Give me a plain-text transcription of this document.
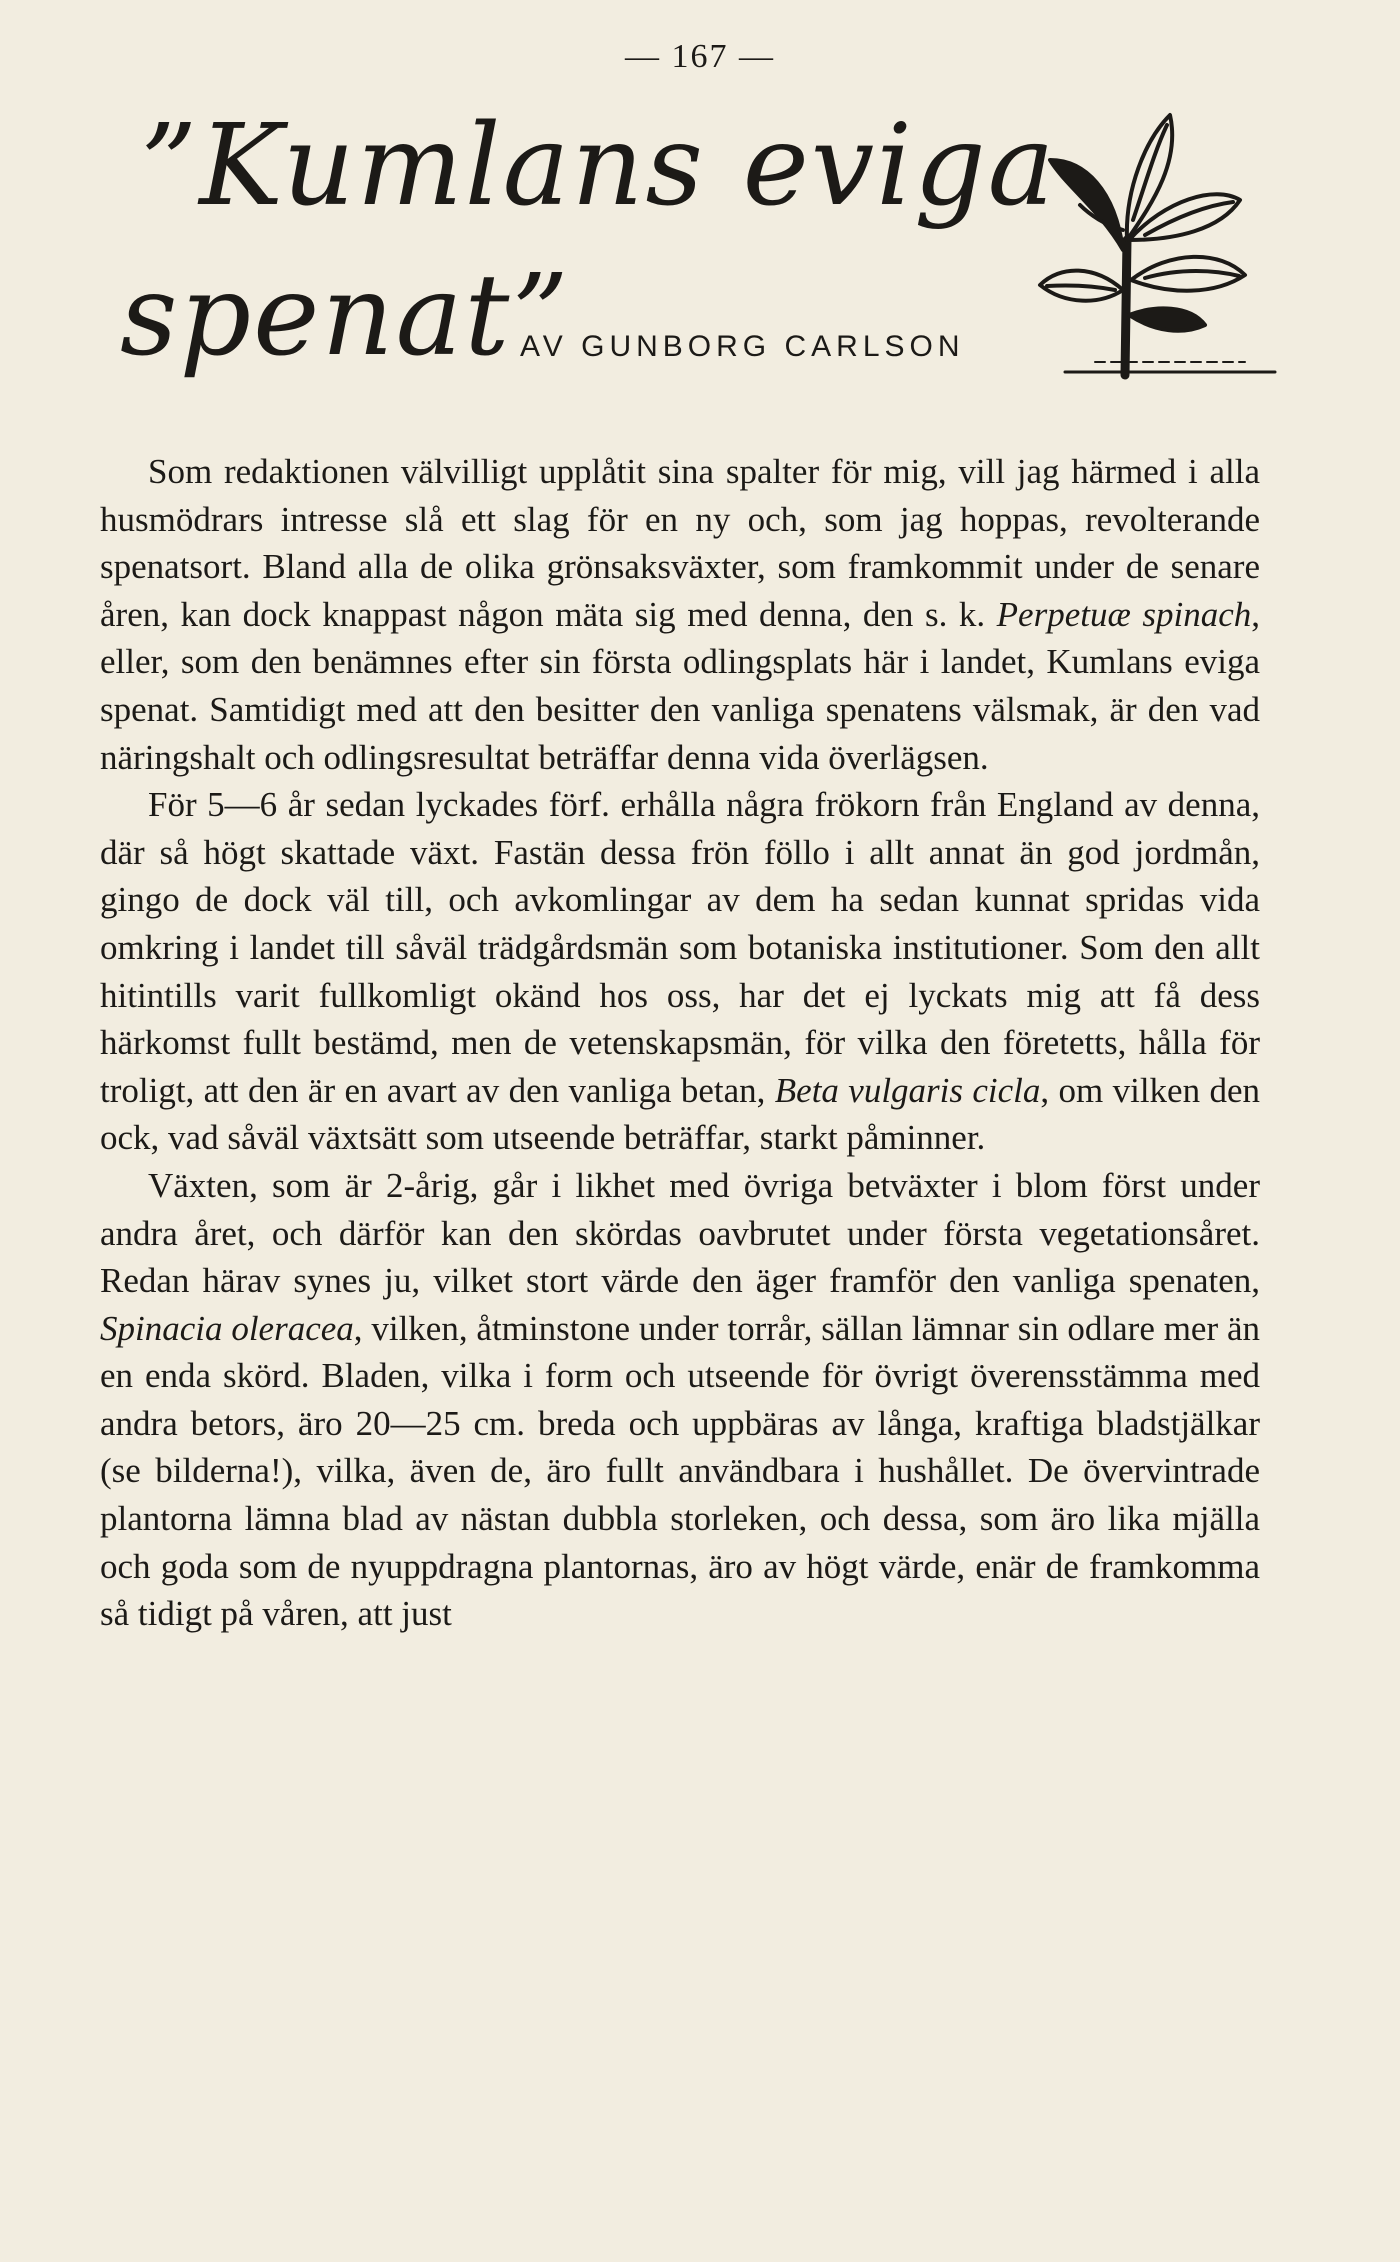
— 167 —
”Kumlans eviga
spenat”
AV GUNBORG CARLSON

Som redaktionen välvilligt upplåtit sina spalter för mig, vill jag härmed i alla husmödrars intresse slå ett slag för en ny och, som jag hoppas, revolterande spenatsort. Bland alla de olika grönsaksväxter, som framkommit under de senare åren, kan dock knappast någon mäta sig med denna, den s. k. Perpetuæ spinach, eller, som den benämnes efter sin första odlingsplats här i landet, Kumlans eviga spenat. Samtidigt med att den besitter den vanliga spenatens välsmak, är den vad näringshalt och odlingsresultat beträffar denna vida överlägsen.

För 5—6 år sedan lyckades förf. erhålla några frökorn från England av denna, där så högt skattade växt. Fastän dessa frön föllo i allt annat än god jordmån, gingo de dock väl till, och avkomlingar av dem ha sedan kunnat spridas vida omkring i landet till såväl trädgårdsmän som botaniska institutioner. Som den allt hitintills varit fullkomligt okänd hos oss, har det ej lyckats mig att få dess härkomst fullt bestämd, men de vetenskapsmän, för vilka den företetts, hålla för troligt, att den är en avart av den vanliga betan, Beta vulgaris cicla, om vilken den ock, vad såväl växtsätt som utseende beträffar, starkt påminner.

Växten, som är 2-årig, går i likhet med övriga betväxter i blom först under andra året, och därför kan den skördas oavbrutet under första vegetationsåret. Redan härav synes ju, vilket stort värde den äger framför den vanliga spenaten, Spinacia oleracea, vilken, åtminstone under torrår, sällan lämnar sin odlare mer än en enda skörd. Bladen, vilka i form och utseende för övrigt överensstämma med andra betors, äro 20—25 cm. breda och uppbäras av långa, kraftiga bladstjälkar (se bilderna!), vilka, även de, äro fullt användbara i hushållet. De övervintrade plantorna lämna blad av nästan dubbla storleken, och dessa, som äro lika mjälla och goda som de nyuppdragna plantornas, äro av högt värde, enär de framkomma så tidigt på våren, att just
